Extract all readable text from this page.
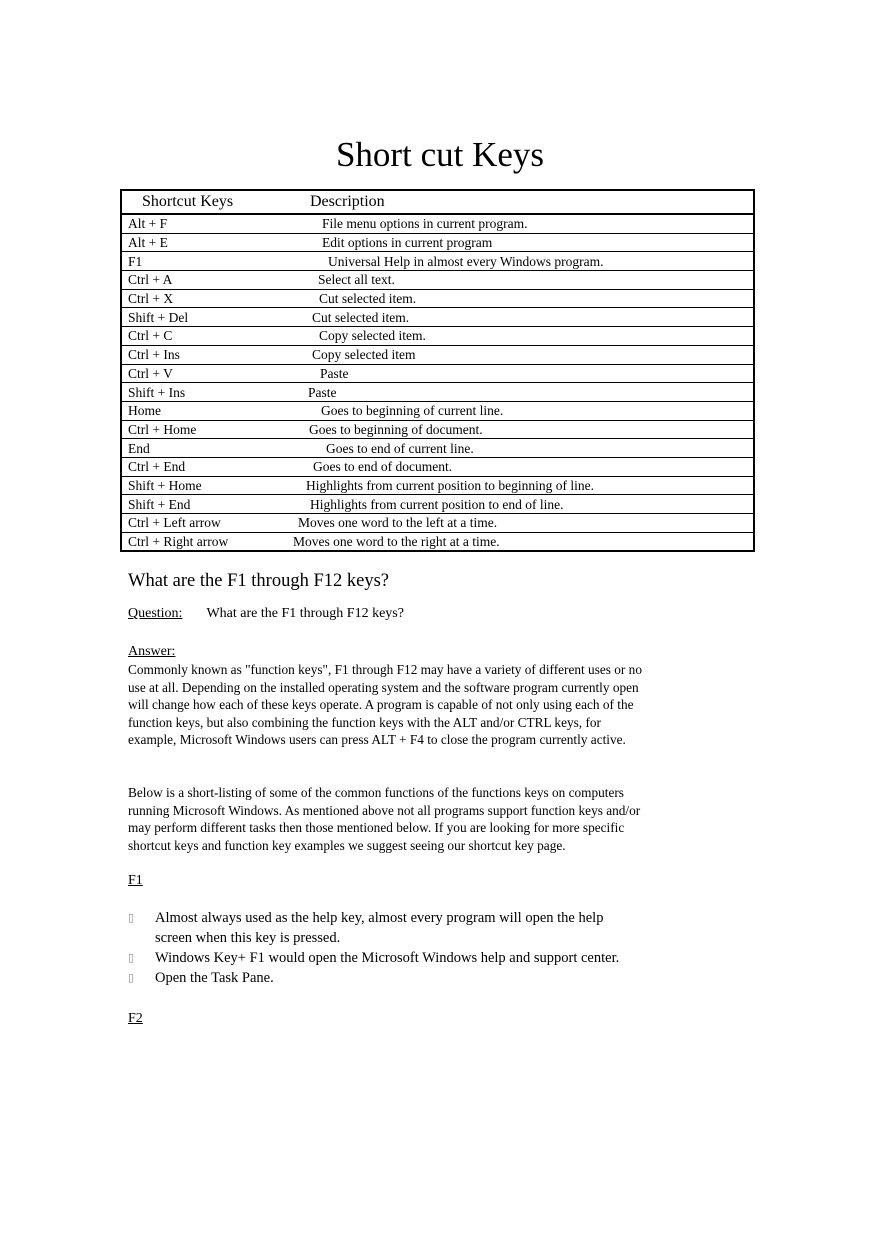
Short cut Keys
Shortcut Keys	Description
Alt + F	File menu options in current program.
Alt + E	Edit options in current program
F1	Universal Help in almost every Windows program.
Ctrl + A	Select all text.
Ctrl + X	Cut selected item.
Shift + Del	Cut selected item.
Ctrl + C	Copy selected item.
Ctrl + Ins	Copy selected item
Ctrl + V	Paste
Shift + Ins	Paste
Home	Goes to beginning of current line.
Ctrl + Home	Goes to beginning of document.
End	Goes to end of current line.
Ctrl + End	Goes to end of document.
Shift + Home	Highlights from current position to beginning of line.
Shift + End	Highlights from current position to end of line.
Ctrl + Left arrow	Moves one word to the left at a time.
Ctrl + Right arrow	Moves one word to the right at a time.
What are the F1 through F12 keys?
Question: What are the F1 through F12 keys?
Answer:

Commonly known as "function keys", F1 through F12 may have a variety of different uses or no use at all. Depending on the installed operating system and the software program currently open will change how each of these keys operate. A program is capable of not only using each of the function keys, but also combining the function keys with the ALT and/or CTRL keys, for example, Microsoft Windows users can press ALT + F4 to close the program currently active.

Below is a short-listing of some of the common functions of the functions keys on computers running Microsoft Windows. As mentioned above not all programs support function keys and/or may perform different tasks then those mentioned below. If you are looking for more specific shortcut keys and function key examples we suggest seeing our shortcut key page.

F1
▯ Almost always used as the help key, almost every program will open the help screen when this key is pressed.
▯ Windows Key+ F1 would open the Microsoft Windows help and support center.
▯ Open the Task Pane.
F2
